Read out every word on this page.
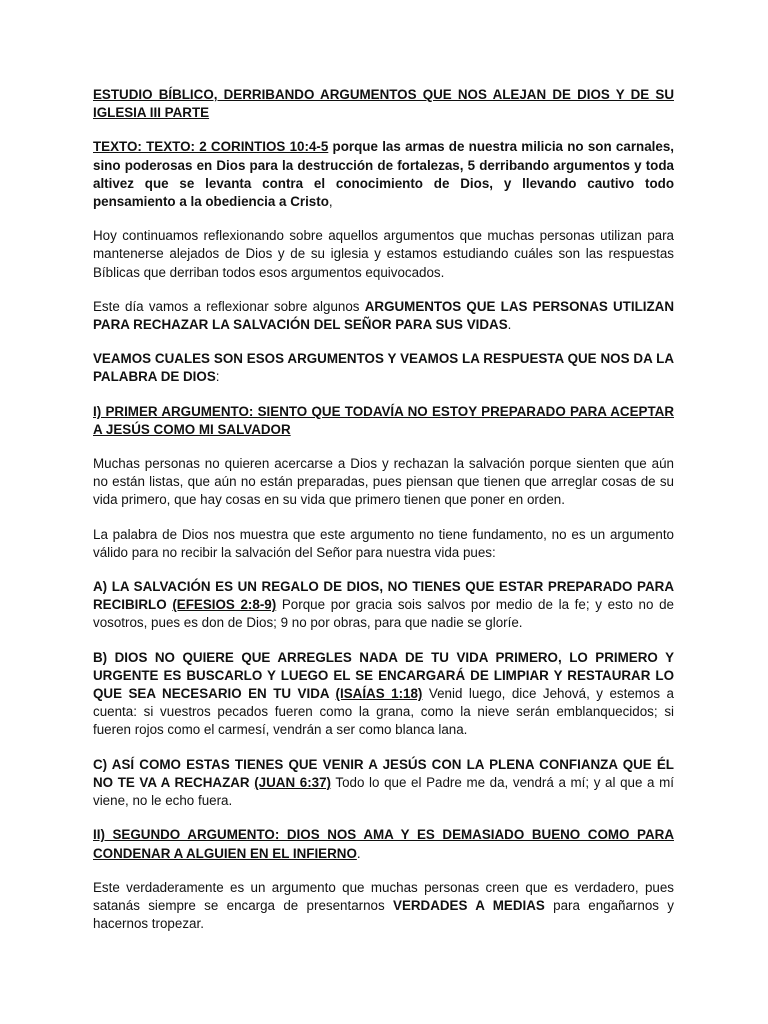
ESTUDIO BÍBLICO, DERRIBANDO ARGUMENTOS QUE NOS ALEJAN DE DIOS Y DE SU IGLESIA III PARTE

TEXTO: TEXTO: 2 CORINTIOS 10:4-5 porque las armas de nuestra milicia no son carnales, sino poderosas en Dios para la destrucción de fortalezas, 5 derribando argumentos y toda altivez que se levanta contra el conocimiento de Dios, y llevando cautivo todo pensamiento a la obediencia a Cristo,

Hoy continuamos reflexionando sobre aquellos argumentos que muchas personas utilizan para mantenerse alejados de Dios y de su iglesia y estamos estudiando cuáles son las respuestas Bíblicas que derriban todos esos argumentos equivocados.

Este día vamos a reflexionar sobre algunos ARGUMENTOS QUE LAS PERSONAS UTILIZAN PARA RECHAZAR LA SALVACIÓN DEL SEÑOR PARA SUS VIDAS.

VEAMOS CUALES SON ESOS ARGUMENTOS Y VEAMOS LA RESPUESTA QUE NOS DA LA PALABRA DE DIOS:

I) PRIMER ARGUMENTO: SIENTO QUE TODAVÍA NO ESTOY PREPARADO PARA ACEPTAR A JESÚS COMO MI SALVADOR

Muchas personas no quieren acercarse a Dios y rechazan la salvación porque sienten que aún no están listas, que aún no están preparadas, pues piensan que tienen que arreglar cosas de su vida primero, que hay cosas en su vida que primero tienen que poner en orden.

La palabra de Dios nos muestra que este argumento no tiene fundamento, no es un argumento válido para no recibir la salvación del Señor para nuestra vida pues:

A) LA SALVACIÓN ES UN REGALO DE DIOS, NO TIENES QUE ESTAR PREPARADO PARA RECIBIRLO (EFESIOS 2:8-9) Porque por gracia sois salvos por medio de la fe; y esto no de vosotros, pues es don de Dios; 9 no por obras, para que nadie se gloríe.

B) DIOS NO QUIERE QUE ARREGLES NADA DE TU VIDA PRIMERO, LO PRIMERO Y URGENTE ES BUSCARLO Y LUEGO EL SE ENCARGARÁ DE LIMPIAR Y RESTAURAR LO QUE SEA NECESARIO EN TU VIDA (ISAÍAS 1:18) Venid luego, dice Jehová, y estemos a cuenta: si vuestros pecados fueren como la grana, como la nieve serán emblanquecidos; si fueren rojos como el carmesí, vendrán a ser como blanca lana.

C) ASÍ COMO ESTAS TIENES QUE VENIR A JESÚS CON LA PLENA CONFIANZA QUE ÉL NO TE VA A RECHAZAR (JUAN 6:37) Todo lo que el Padre me da, vendrá a mí; y al que a mí viene, no le echo fuera.

II) SEGUNDO ARGUMENTO: DIOS NOS AMA Y ES DEMASIADO BUENO COMO PARA CONDENAR A ALGUIEN EN EL INFIERNO.

Este verdaderamente es un argumento que muchas personas creen que es verdadero, pues satanás siempre se encarga de presentarnos VERDADES A MEDIAS para engañarnos y hacernos tropezar.
